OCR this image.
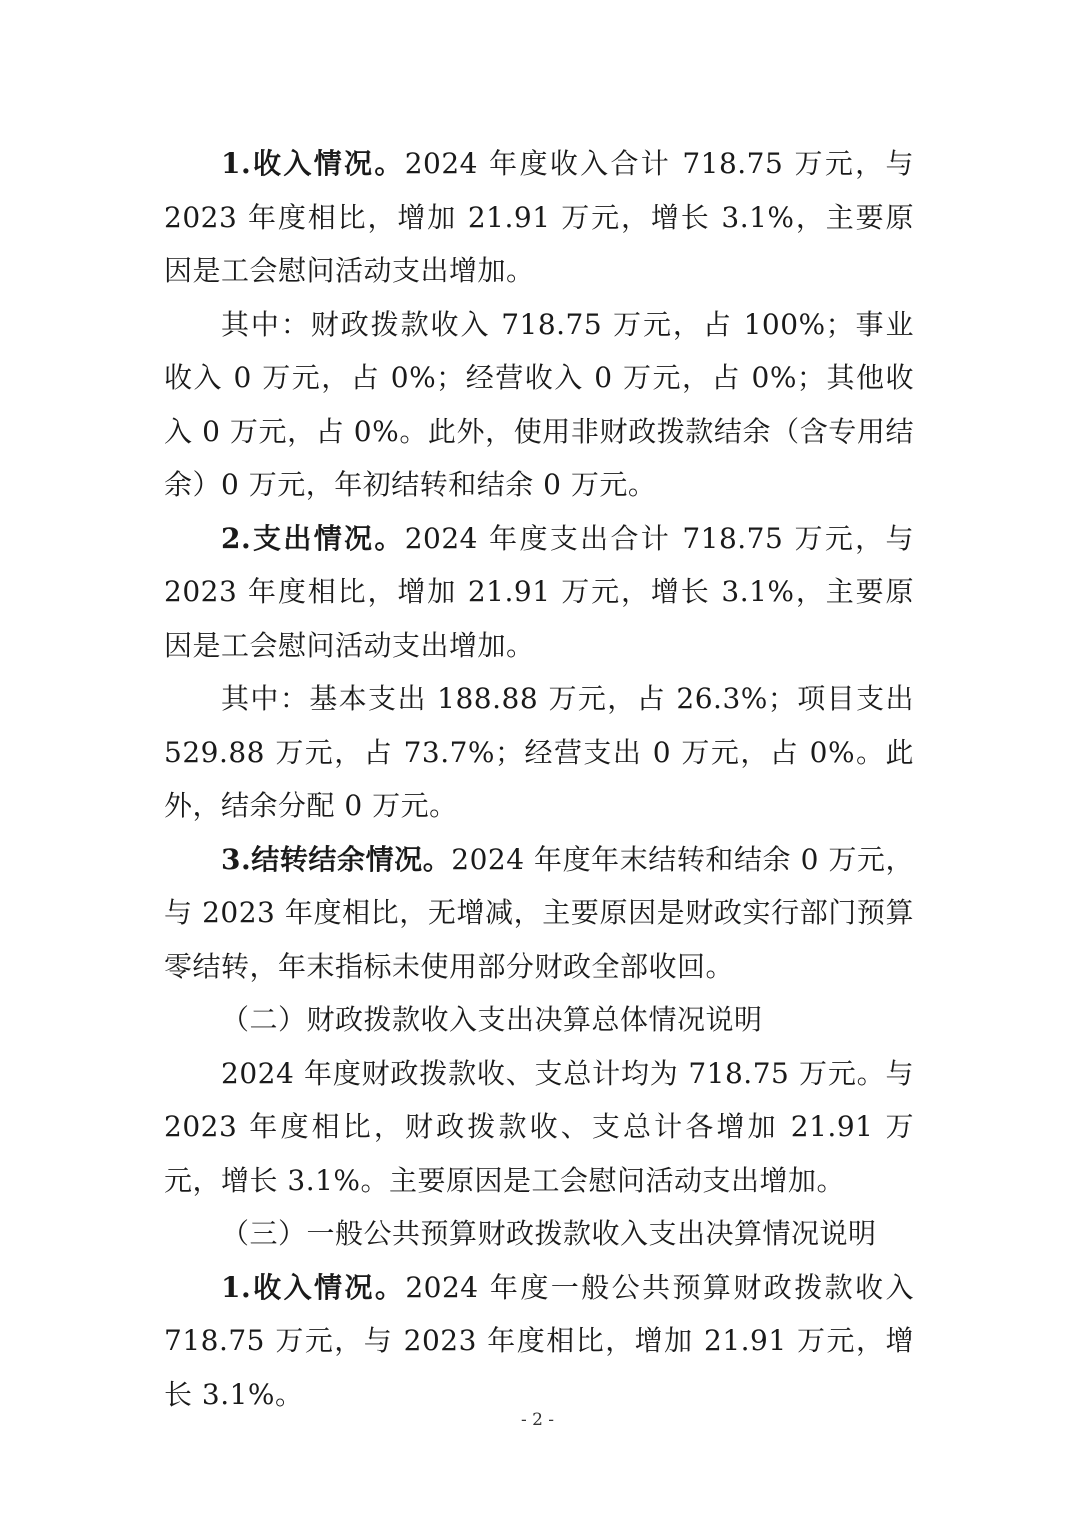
1.收入情况。2024 年度收入合计 718.75 万元，与 2023 年度相比，增加 21.91 万元，增长 3.1%，主要原因是工会慰问活动支出增加。

其中：财政拨款收入 718.75 万元，占 100%；事业收入 0 万元，占 0%；经营收入 0 万元，占 0%；其他收入 0 万元，占 0%。此外，使用非财政拨款结余（含专用结余）0 万元，年初结转和结余 0 万元。

2.支出情况。2024 年度支出合计 718.75 万元，与 2023 年度相比，增加 21.91 万元，增长 3.1%，主要原因是工会慰问活动支出增加。

其中：基本支出 188.88 万元，占 26.3%；项目支出 529.88 万元，占 73.7%；经营支出 0 万元，占 0%。此外，结余分配 0 万元。

3.结转结余情况。2024 年度年末结转和结余 0 万元，与 2023 年度相比，无增减，主要原因是财政实行部门预算零结转，年末指标未使用部分财政全部收回。

（二）财政拨款收入支出决算总体情况说明

2024 年度财政拨款收、支总计均为 718.75 万元。与 2023 年度相比，财政拨款收、支总计各增加 21.91 万元，增长 3.1%。主要原因是工会慰问活动支出增加。

（三）一般公共预算财政拨款收入支出决算情况说明

1.收入情况。2024 年度一般公共预算财政拨款收入 718.75 万元，与 2023 年度相比，增加 21.91 万元，增长 3.1%。

- 2 -
